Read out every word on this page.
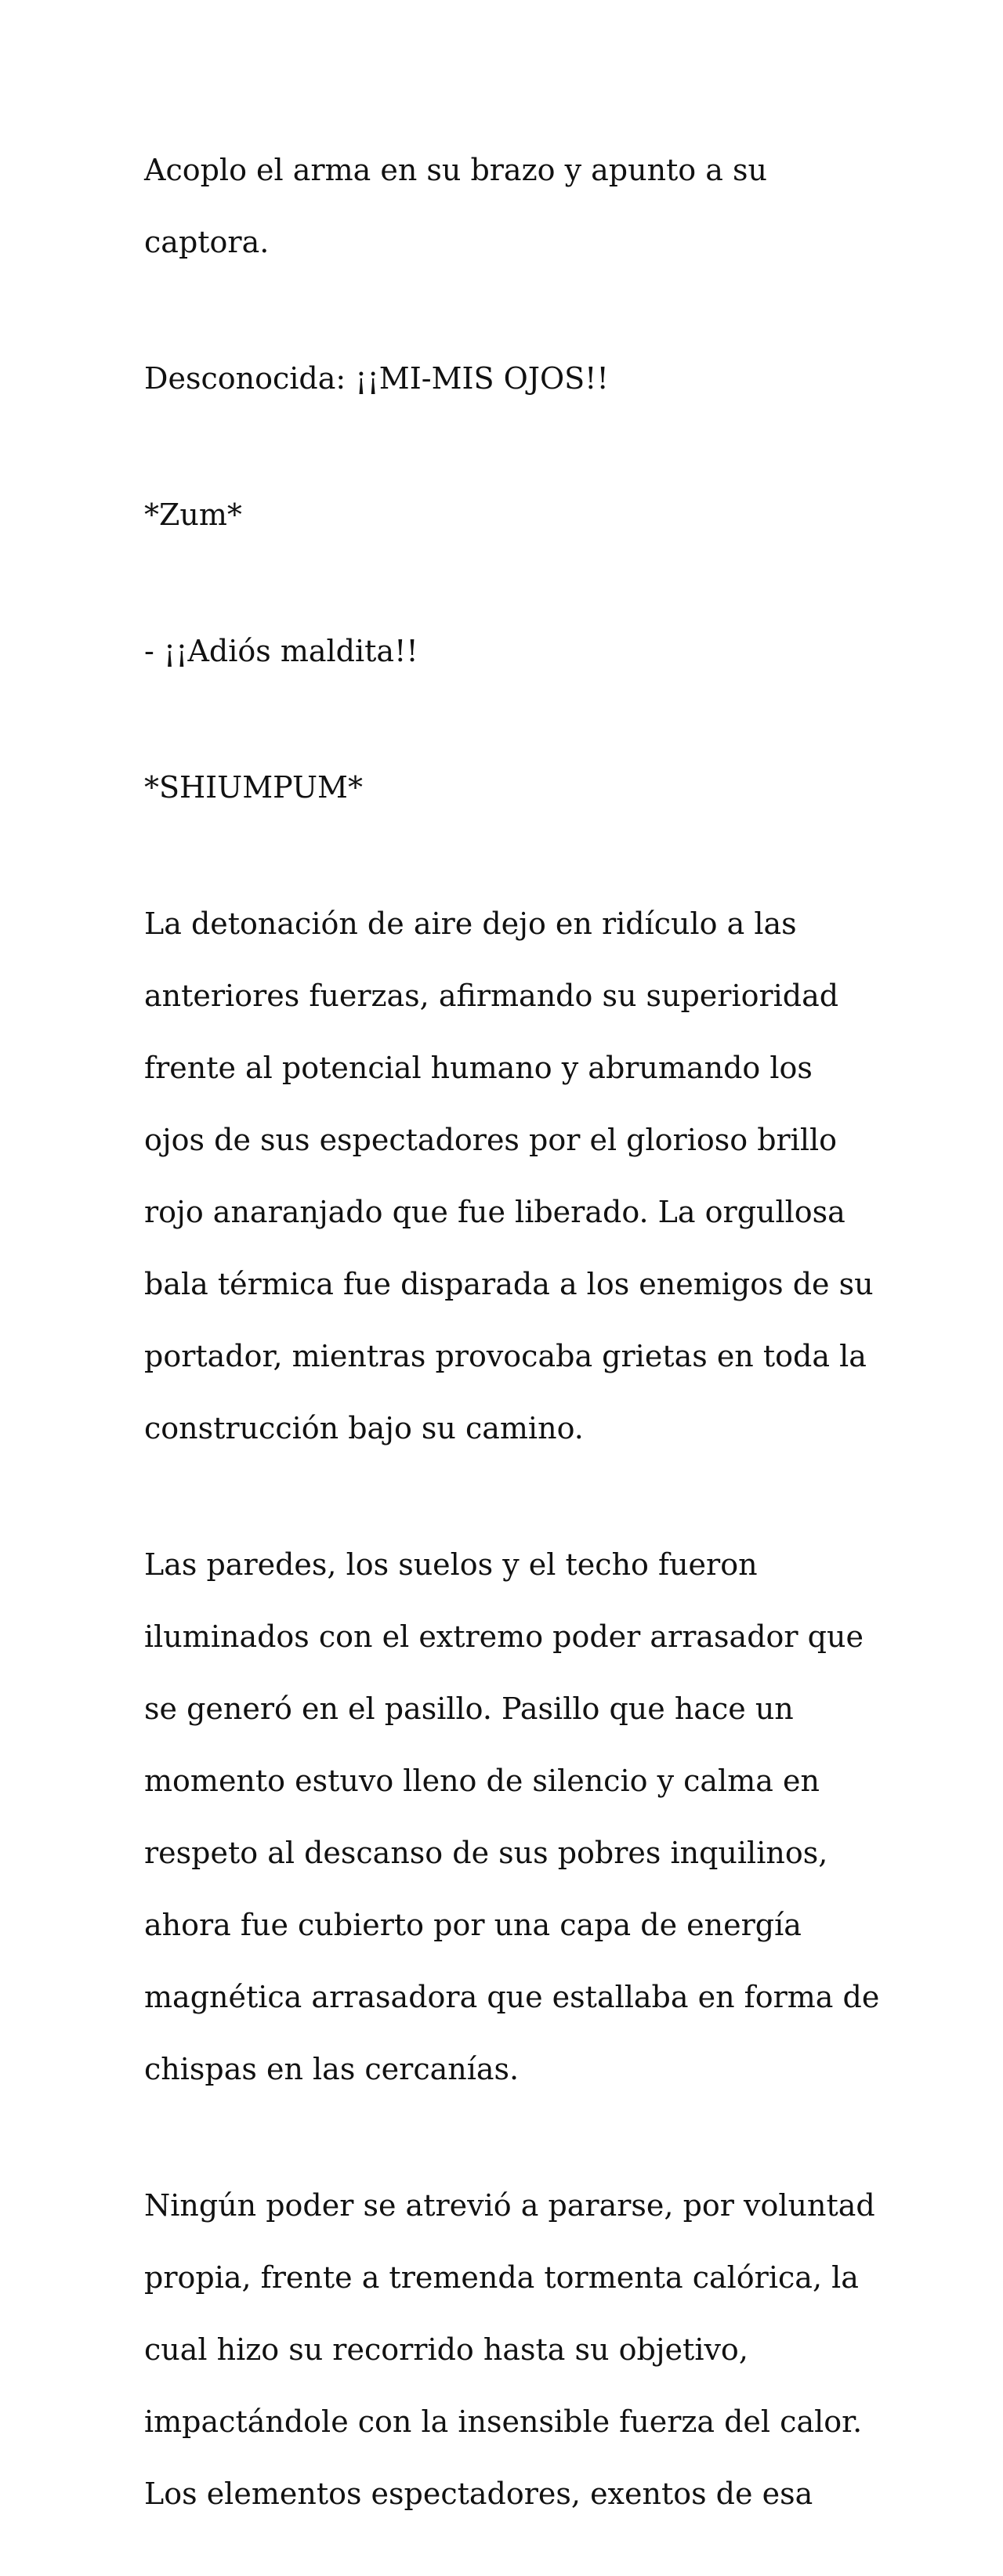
Acoplo el arma en su brazo y apunto a su

captora.

Desconocida: ¡¡MI-MIS OJOS!!

*Zum*

- ¡¡Adiós maldita!!

*SHIUMPUM*

La detonación de aire dejo en ridículo a las

anteriores fuerzas, afirmando su superioridad

frente al potencial humano y abrumando los

ojos de sus espectadores por el glorioso brillo

rojo anaranjado que fue liberado. La orgullosa

bala térmica fue disparada a los enemigos de su

portador, mientras provocaba grietas en toda la

construcción bajo su camino.

Las paredes, los suelos y el techo fueron

iluminados con el extremo poder arrasador que

se generó en el pasillo. Pasillo que hace un

momento estuvo lleno de silencio y calma en

respeto al descanso de sus pobres inquilinos,

ahora fue cubierto por una capa de energía

magnética arrasadora que estallaba en forma de

chispas en las cercanías.

Ningún poder se atrevió a pararse, por voluntad

propia, frente a tremenda tormenta calórica, la

cual hizo su recorrido hasta su objetivo,

impactándole con la insensible fuerza del calor.

Los elementos espectadores, exentos de esa
